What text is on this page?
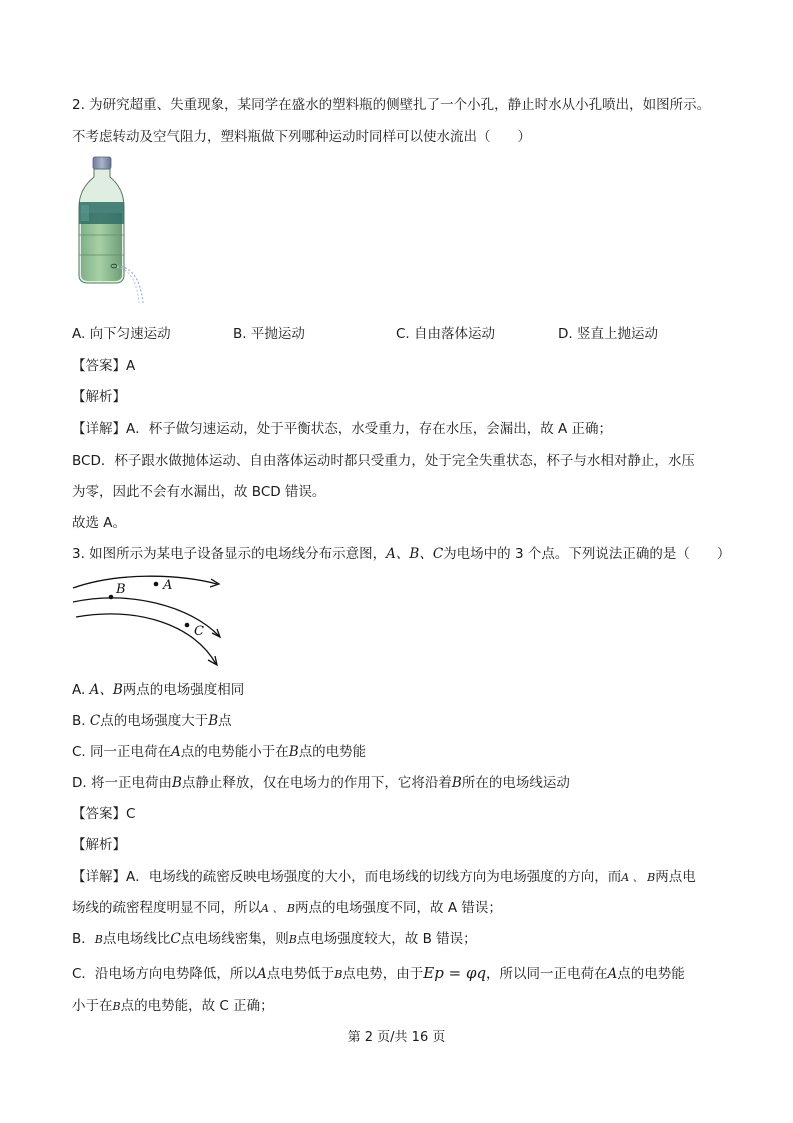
2. 为研究超重、失重现象，某同学在盛水的塑料瓶的侧壁扎了一个小孔，静止时水从小孔喷出，如图所示。
不考虑转动及空气阻力，塑料瓶做下列哪种运动时同样可以使水流出（　　）
A. 向下匀速运动	B. 平抛运动	C. 自由落体运动	D. 竖直上抛运动
【答案】A
【解析】
【详解】A．杯子做匀速运动，处于平衡状态，水受重力，存在水压，会漏出，故 A 正确；
BCD．杯子跟水做抛体运动、自由落体运动时都只受重力，处于完全失重状态，杯子与水相对静止，水压
为零，因此不会有水漏出，故 BCD 错误。
故选 A。
3. 如图所示为某电子设备显示的电场线分布示意图，A、B、C为电场中的 3 个点。下列说法正确的是（　　）
A
B
C
A. A、B两点的电场强度相同
B. C点的电场强度大于B点
C. 同一正电荷在A点的电势能小于在B点的电势能
D. 将一正电荷由B点静止释放，仅在电场力的作用下，它将沿着B所在的电场线运动
【答案】C
【解析】
【详解】A．电场线的疏密反映电场强度的大小，而电场线的切线方向为电场强度的方向，而A 、 B两点电
场线的疏密程度明显不同，所以A 、 B两点的电场强度不同，故 A 错误；
B．B点电场线比C点电场线密集，则B点电场强度较大，故 B 错误；
C．沿电场方向电势降低，所以A点电势低于B点电势，由于Ep = φq，所以同一正电荷在A点的电势能
小于在B点的电势能，故 C 正确；
第 2 页/共 16 页
